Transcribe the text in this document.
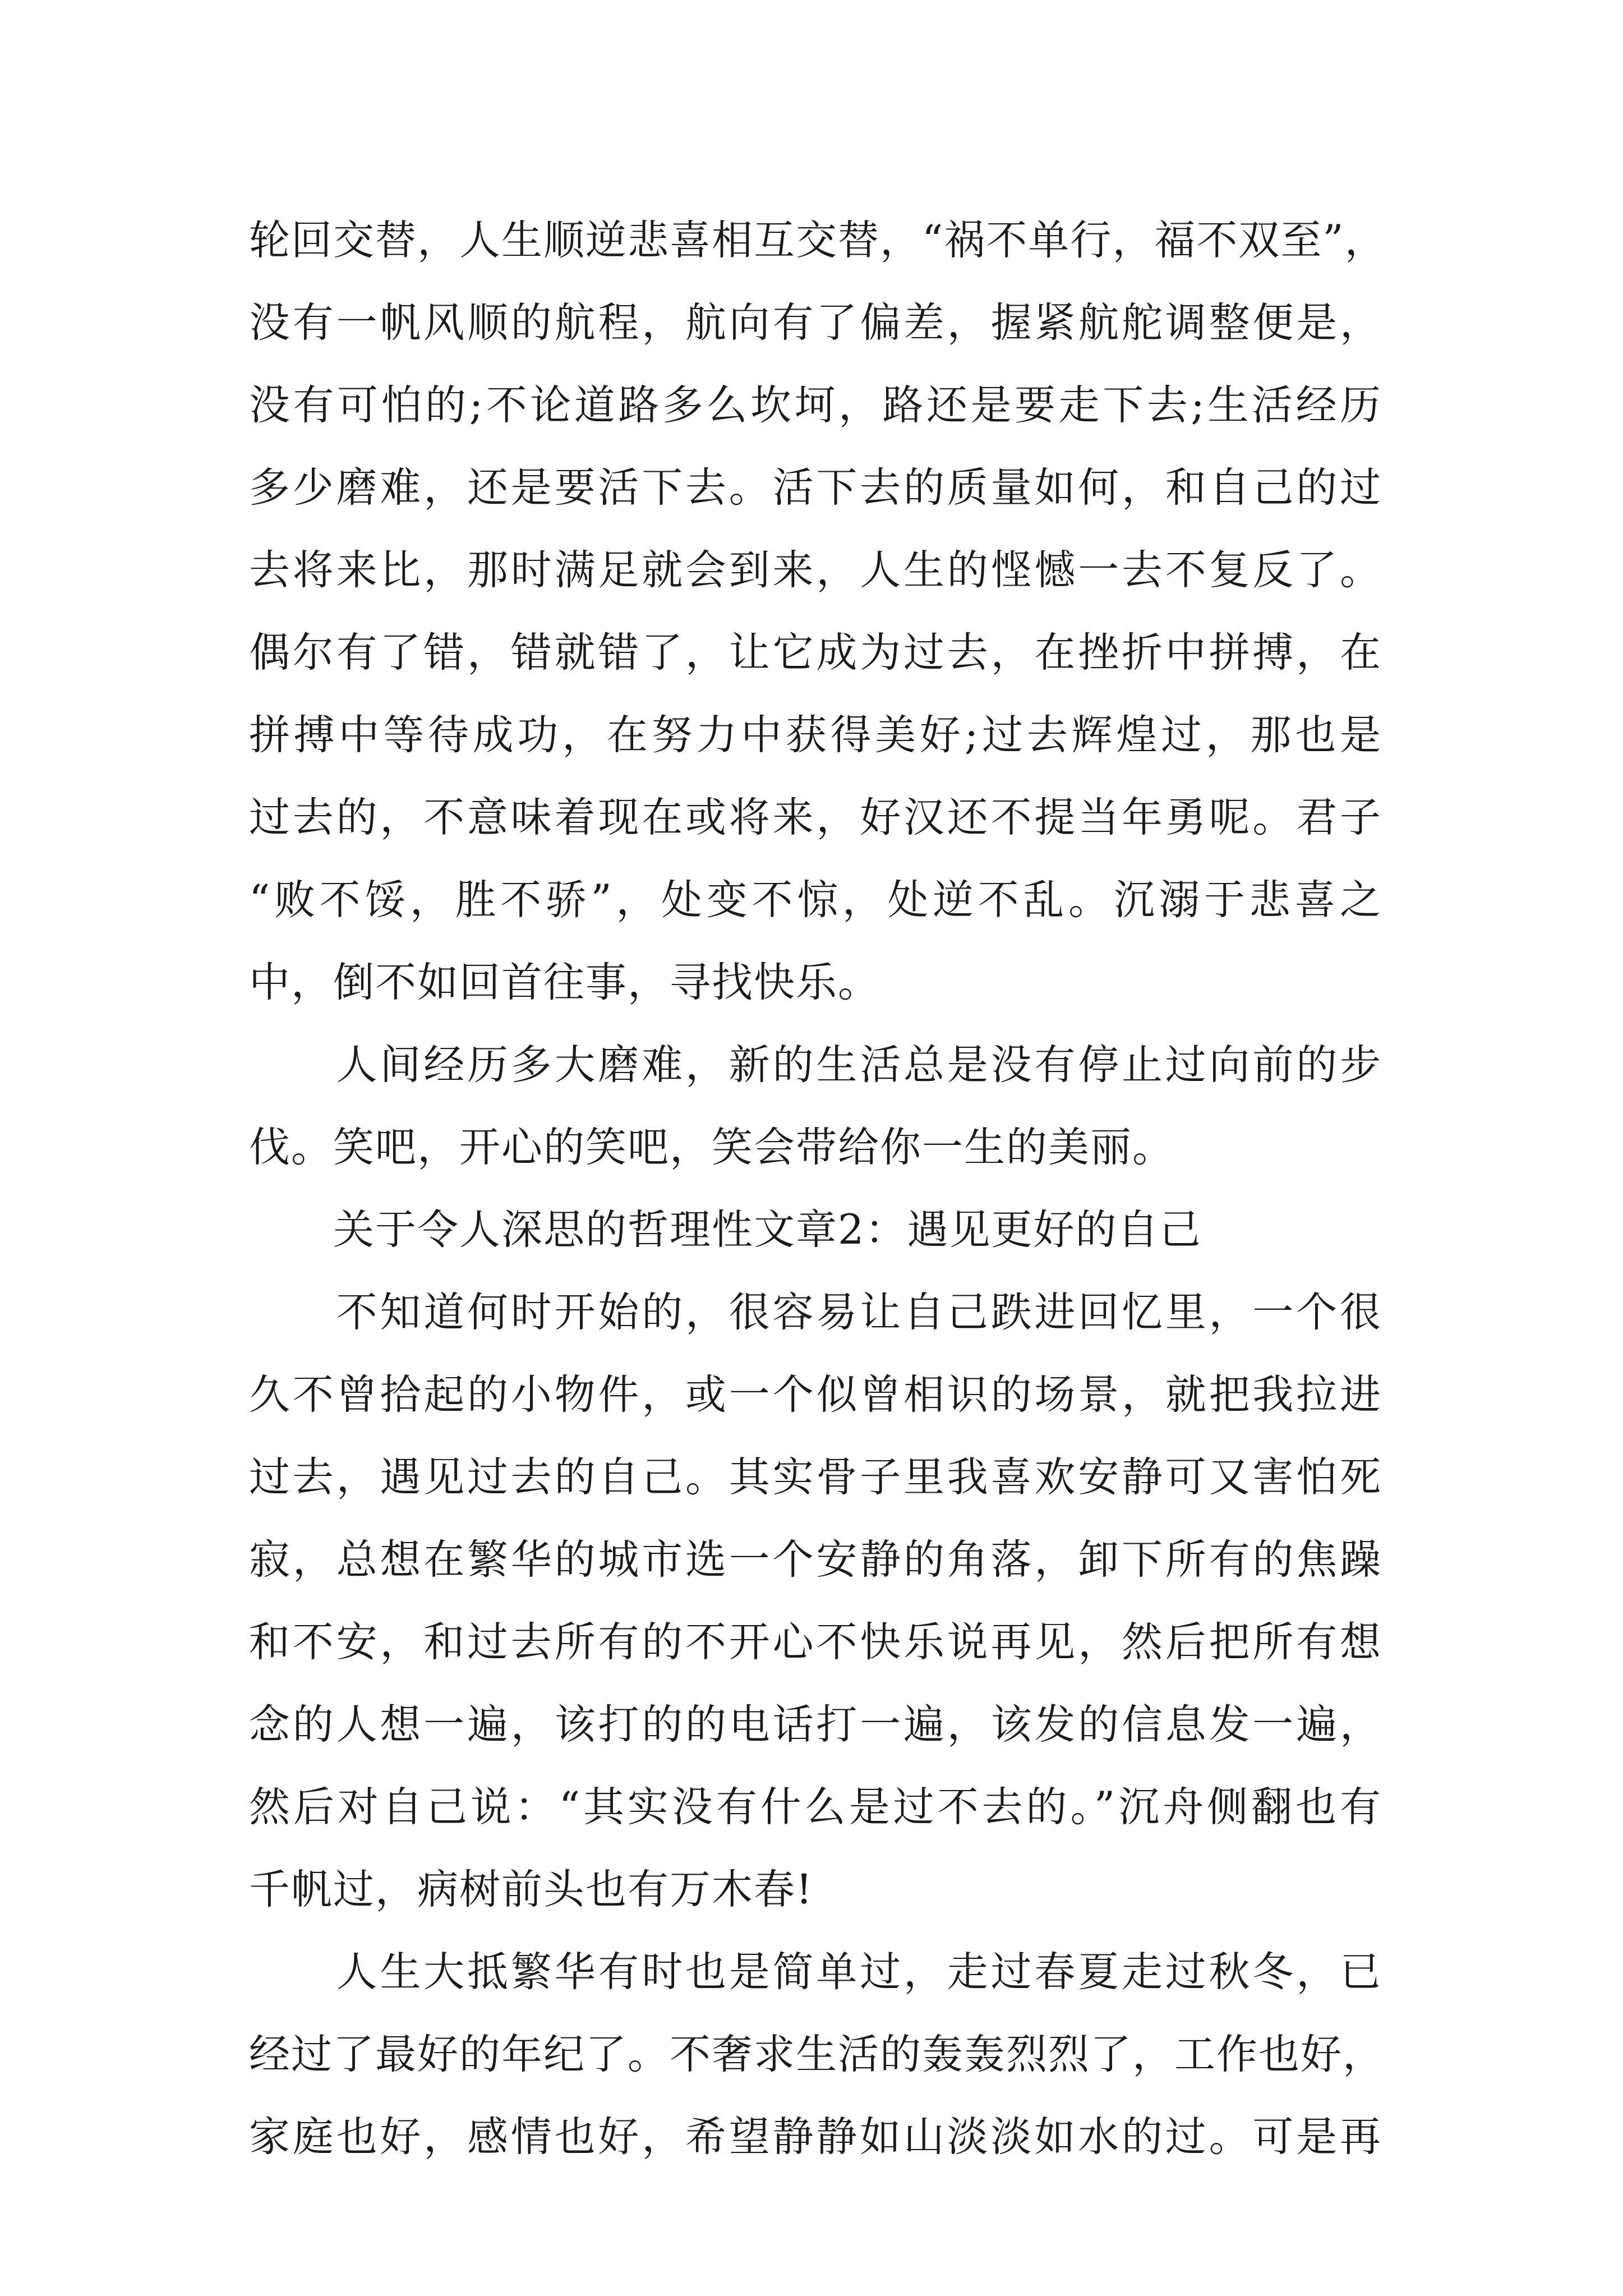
轮回交替，人生顺逆悲喜相互交替，“祸不单行，福不双至”，
没有一帆风顺的航程，航向有了偏差，握紧航舵调整便是，
没有可怕的;不论道路多么坎坷，路还是要走下去;生活经历
多少磨难，还是要活下去。活下去的质量如何，和自己的过
去将来比，那时满足就会到来，人生的悭憾一去不复反了。
偶尔有了错，错就错了，让它成为过去，在挫折中拼搏，在
拼搏中等待成功，在努力中获得美好;过去辉煌过，那也是
过去的，不意味着现在或将来，好汉还不提当年勇呢。君子
“败不馁，胜不骄”，处变不惊，处逆不乱。沉溺于悲喜之
中，倒不如回首往事，寻找快乐。
　　人间经历多大磨难，新的生活总是没有停止过向前的步
伐。笑吧，开心的笑吧，笑会带给你一生的美丽。
　　关于令人深思的哲理性文章2：遇见更好的自己
　　不知道何时开始的，很容易让自己跌进回忆里，一个很
久不曾拾起的小物件，或一个似曾相识的场景，就把我拉进
过去，遇见过去的自己。其实骨子里我喜欢安静可又害怕死
寂，总想在繁华的城市选一个安静的角落，卸下所有的焦躁
和不安，和过去所有的不开心不快乐说再见，然后把所有想
念的人想一遍，该打的的电话打一遍，该发的信息发一遍，
然后对自己说：“其实没有什么是过不去的。”沉舟侧翻也有
千帆过，病树前头也有万木春!
　　人生大抵繁华有时也是简单过，走过春夏走过秋冬，已
经过了最好的年纪了。不奢求生活的轰轰烈烈了，工作也好，
家庭也好，感情也好，希望静静如山淡淡如水的过。可是再
